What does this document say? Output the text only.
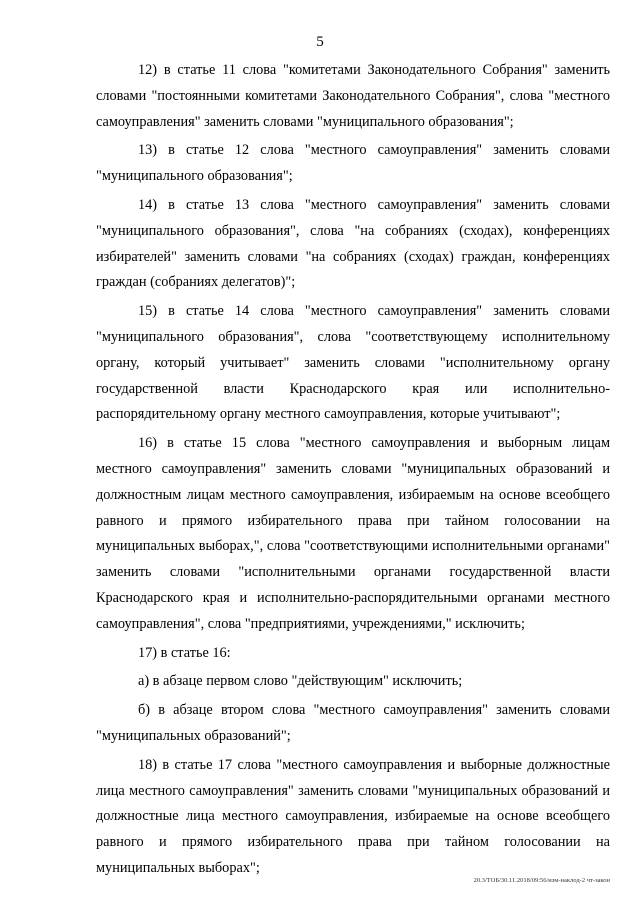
5

12) в статье 11 слова "комитетами Законодательного Собрания" заменить словами "постоянными комитетами Законодательного Собрания", слова "местного самоуправления" заменить словами "муниципального образования";

13) в статье 12 слова "местного самоуправления" заменить словами "муниципального образования";

14) в статье 13 слова "местного самоуправления" заменить словами "муниципального образования", слова "на собраниях (сходах), конференциях избирателей" заменить словами "на собраниях (сходах) граждан, конференциях граждан (собраниях делегатов)";

15) в статье 14 слова "местного самоуправления" заменить словами "муниципального образования", слова "соответствующему исполнительному органу, который учитывает" заменить словами "исполнительному органу государственной власти Краснодарского края или исполнительно-распорядительному органу местного самоуправления, которые учитывают";

16) в статье 15 слова "местного самоуправления и выборным лицам местного самоуправления" заменить словами "муниципальных образований и должностным лицам местного самоуправления, избираемым на основе всеобщего равного и прямого избирательного права при тайном голосовании на муниципальных выборах,", слова "соответствующими исполнительными органами" заменить словами "исполнительными органами государственной власти Краснодарского края и исполнительно-распорядительными органами местного самоуправления", слова "предприятиями, учреждениями," исключить;

17) в статье 16:

а) в абзаце первом слово "действующим" исключить;

б) в абзаце втором слова "местного самоуправления" заменить словами "муниципальных образований";

18) в статье 17 слова "местного самоуправления и выборные должностные лица местного самоуправления" заменить словами "муниципальных образований и должностные лица местного самоуправления, избираемые на основе всеобщего равного и прямого избирательного права при тайном голосовании на муниципальных выборах";

20.3/ТОБ/30.11.2018/09:56/изм-наклод-2 чт-закон
